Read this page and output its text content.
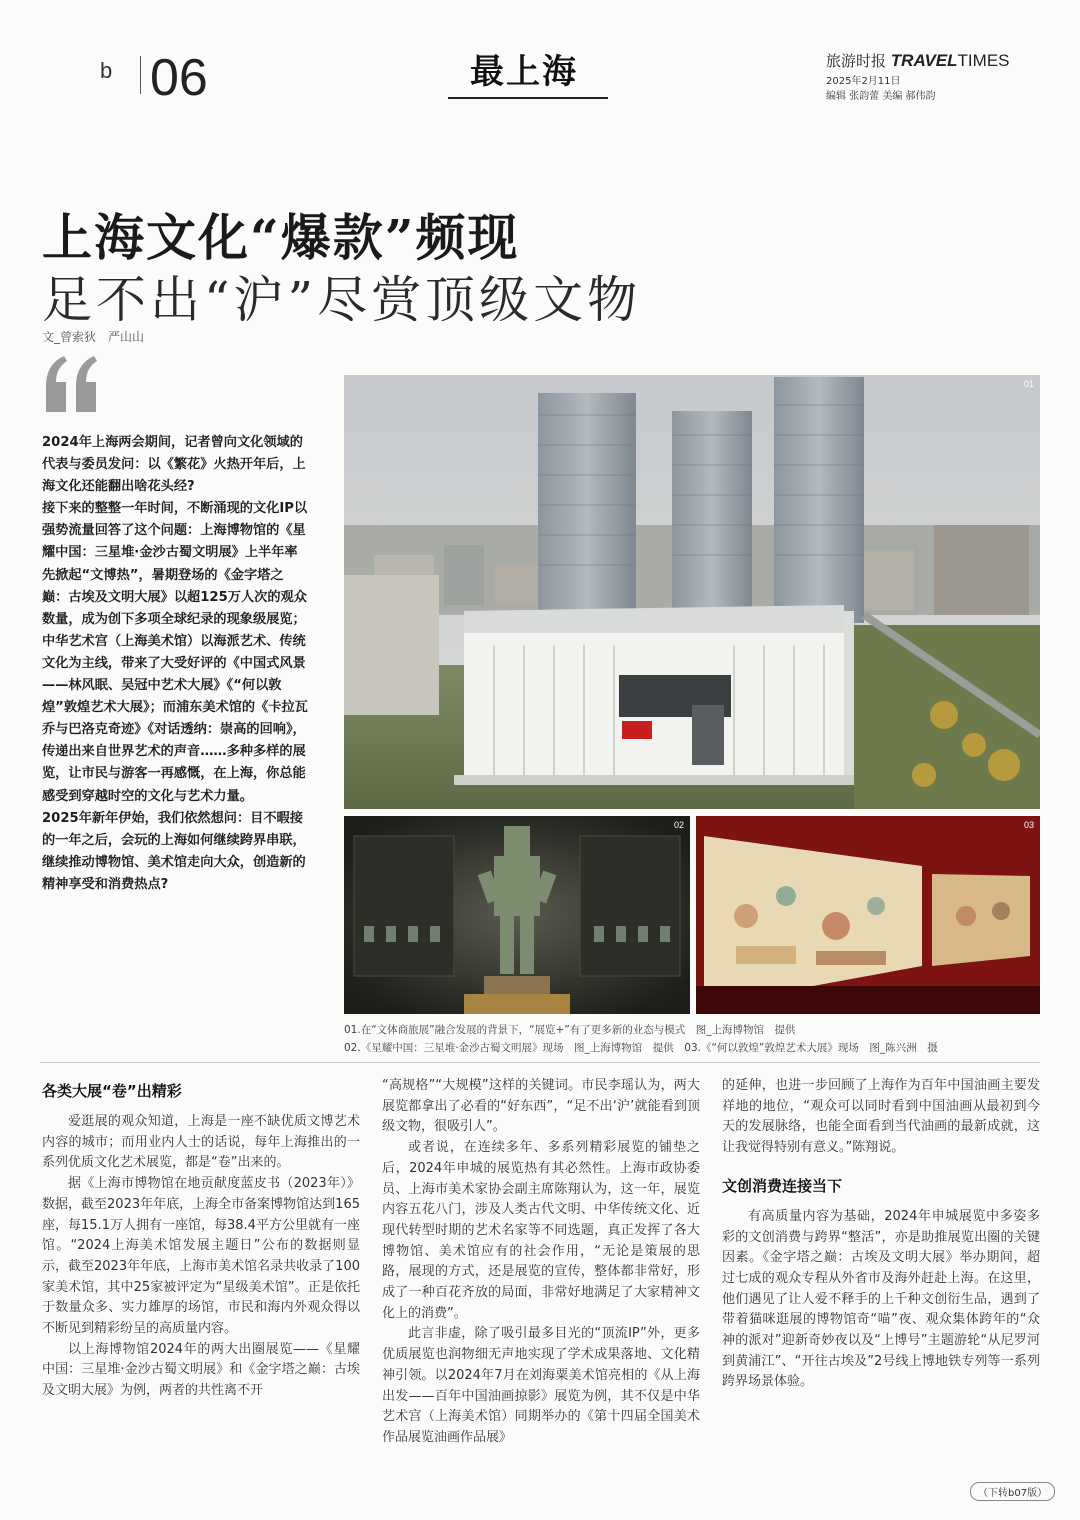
b 06	最上海	旅游时报 TRAVELTIMES
2025年2月11日
编辑 张韵蕾 美编 郝伟韵
上海文化“爆款”频现
足不出“沪”尽赏顶级文物
文_曾索狄　严山山

2024年上海两会期间，记者曾向文化领域的代表与委员发问：以《繁花》火热开年后，上海文化还能翻出啥花头经?

接下来的整整一年时间，不断涌现的文化IP以强势流量回答了这个问题：上海博物馆的《星耀中国：三星堆·金沙古蜀文明展》上半年率先掀起“文博热”，暑期登场的《金字塔之巅：古埃及文明大展》以超125万人次的观众数量，成为创下多项全球纪录的现象级展览；中华艺术宫（上海美术馆）以海派艺术、传统文化为主线，带来了大受好评的《中国式风景——林风眠、吴冠中艺术大展》《“何以敦煌”敦煌艺术大展》；而浦东美术馆的《卡拉瓦乔与巴洛克奇迹》《对话透纳：崇高的回响》，传递出来自世界艺术的声音……多种多样的展览，让市民与游客一再感慨，在上海，你总能感受到穿越时空的文化与艺术力量。

2025年新年伊始，我们依然想问：目不暇接的一年之后，会玩的上海如何继续跨界串联，继续推动博物馆、美术馆走向大众，创造新的精神享受和消费热点?

01
02	03
01.在“文体商旅展”融合发展的背景下，“展览+”有了更多新的业态与模式　图_上海博物馆　提供
02.《星耀中国：三星堆·金沙古蜀文明展》现场　图_上海博物馆　提供　03.《“何以敦煌”敦煌艺术大展》现场　图_陈兴洲　摄
各类大展“卷”出精彩

爱逛展的观众知道，上海是一座不缺优质文博艺术内容的城市；而用业内人士的话说，每年上海推出的一系列优质文化艺术展览，都是“卷”出来的。

据《上海市博物馆在地贡献度蓝皮书（2023年）》数据，截至2023年年底，上海全市备案博物馆达到165座，每15.1万人拥有一座馆，每38.4平方公里就有一座馆。“2024上海美术馆发展主题日”公布的数据则显示，截至2023年年底，上海市美术馆名录共收录了100家美术馆，其中25家被评定为“星级美术馆”。正是依托于数量众多、实力雄厚的场馆，市民和海内外观众得以不断见到精彩纷呈的高质量内容。

以上海博物馆2024年的两大出圈展览——《星耀中国：三星堆·金沙古蜀文明展》和《金字塔之巅：古埃及文明大展》为例，两者的共性离不开

“高规格”“大规模”这样的关键词。市民李瑶认为，两大展览都拿出了必看的“好东西”，“足不出‘沪’就能看到顶级文物，很吸引人”。

或者说，在连续多年、多系列精彩展览的铺垫之后，2024年申城的展览热有其必然性。上海市政协委员、上海市美术家协会副主席陈翔认为，这一年，展览内容五花八门，涉及人类古代文明、中华传统文化、近现代转型时期的艺术名家等不同选题，真正发挥了各大博物馆、美术馆应有的社会作用，“无论是策展的思路，展现的方式，还是展览的宣传，整体都非常好，形成了一种百花齐放的局面，非常好地满足了大家精神文化上的消费”。

此言非虚，除了吸引最多目光的“顶流IP”外，更多优质展览也润物细无声地实现了学术成果落地、文化精神引领。以2024年7月在刘海粟美术馆亮相的《从上海出发——百年中国油画掠影》展览为例，其不仅是中华艺术宫（上海美术馆）同期举办的《第十四届全国美术作品展览油画作品展》

的延伸，也进一步回顾了上海作为百年中国油画主要发祥地的地位，“观众可以同时看到中国油画从最初到今天的发展脉络，也能全面看到当代油画的最新成就，这让我觉得特别有意义。”陈翔说。

文创消费连接当下

有高质量内容为基础，2024年申城展览中多姿多彩的文创消费与跨界“整活”，亦是助推展览出圈的关键因素。《金字塔之巅：古埃及文明大展》举办期间，超过七成的观众专程从外省市及海外赶赴上海。在这里，他们遇见了让人爱不释手的上千种文创衍生品，遇到了带着猫咪逛展的博物馆奇“喵”夜、观众集体跨年的“众神的派对”迎新奇妙夜以及“上博号”主题游轮“从尼罗河到黄浦江”、“开往古埃及”2号线上博地铁专列等一系列跨界场景体验。

（下转b07版）
